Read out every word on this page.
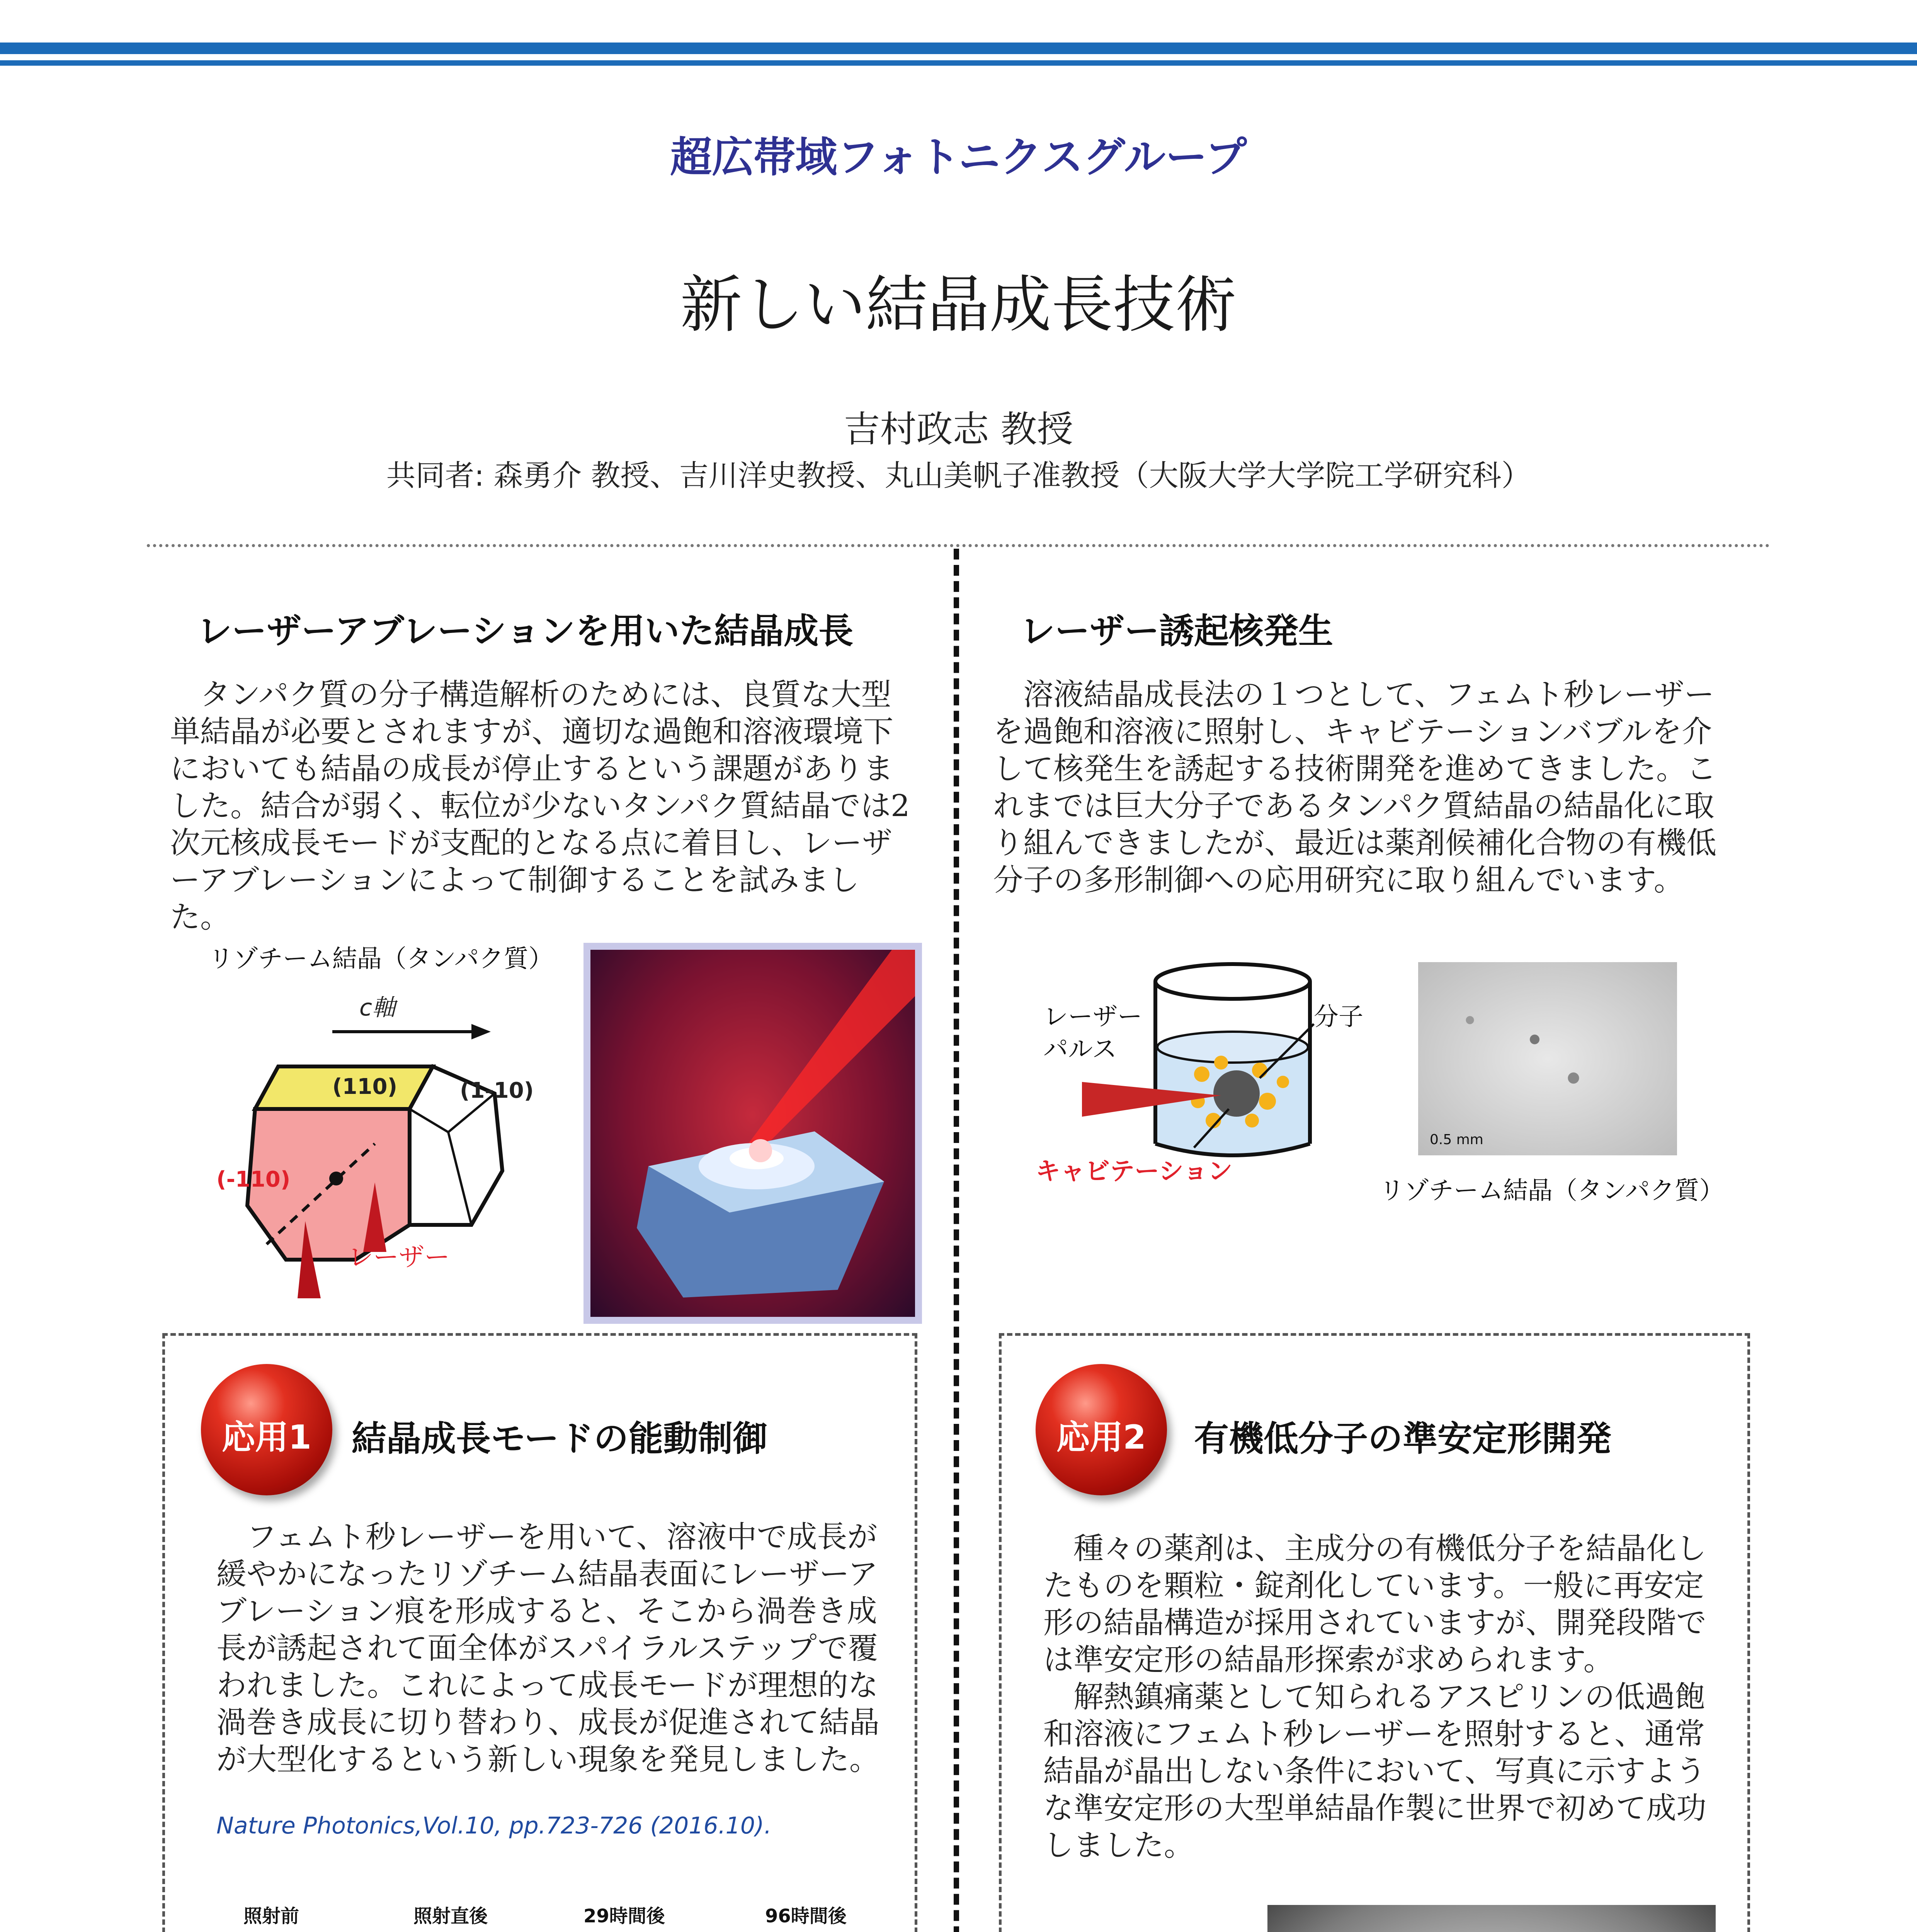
超広帯域フォトニクスグループ
新しい結晶成長技術
吉村政志 教授
共同者: 森勇介 教授、吉川洋史教授、丸山美帆子准教授（大阪大学大学院工学研究科）
レーザーアブレーションを用いた結晶成長

タンパク質の分子構造解析のためには、良質な大型単結晶が必要とされますが、適切な過飽和溶液環境下においても結晶の成長が停止するという課題がありました。結合が弱く、転位が少ないタンパク質結晶では2次元核成長モードが支配的となる点に着目し、レーザーアブレーションによって制御することを試みました。

リゾチーム結晶（タンパク質）
c軸
(110)	(1-10)
(-110)
レーザー
レーザー誘起核発生

溶液結晶成長法の１つとして、フェムト秒レーザーを過飽和溶液に照射し、キャビテーションバブルを介して核発生を誘起する技術開発を進めてきました。これまでは巨大分子であるタンパク質結晶の結晶化に取り組んできましたが、最近は薬剤候補化合物の有機低分子の多形制御への応用研究に取り組んでいます。

レーザー
パルス
分子
キャビテーション
0.5 mm
リゾチーム結晶（タンパク質）
応用1	結晶成長モードの能動制御

フェムト秒レーザーを用いて、溶液中で成長が緩やかになったリゾチーム結晶表面にレーザーアブレーション痕を形成すると、そこから渦巻き成長が誘起されて面全体がスパイラルステップで覆われました。これによって成長モードが理想的な渦巻き成長に切り替わり、成長が促進されて結晶が大型化するという新しい現象を発見しました。

Nature Photonics,Vol.10, pp.723-726 (2016.10).
照射前	照射直後	29時間後	96時間後
応用2	有機低分子の準安定形開発

種々の薬剤は、主成分の有機低分子を結晶化したものを顆粒・錠剤化しています。一般に再安定形の結晶構造が採用されていますが、開発段階では準安定形の結晶形探索が求められます。

解熱鎮痛薬として知られるアスピリンの低過飽和溶液にフェムト秒レーザーを照射すると、通常結晶が晶出しない条件において、写真に示すような準安定形の大型単結晶作製に世界で初めて成功しました。
